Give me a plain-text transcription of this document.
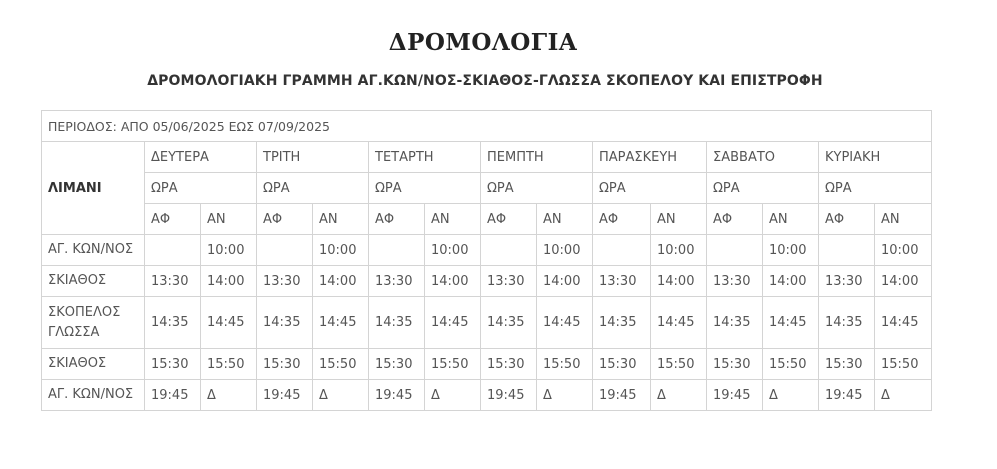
ΔΡΟΜΟΛΟΓΙΑ
ΔΡΟΜΟΛΟΓΙΑΚΗ ΓΡΑΜΜΗ ΑΓ.ΚΩΝ/ΝΟΣ-ΣΚΙΑΘΟΣ-ΓΛΩΣΣΑ ΣΚΟΠΕΛΟΥ ΚΑΙ ΕΠΙΣΤΡΟΦΗ
ΠΕΡΙΟΔΟΣ: ΑΠΟ 05/06/2025 ΕΩΣ 07/09/2025														
ΛΙΜΑΝΙ	ΔΕΥΤΕΡΑ		ΤΡΙΤΗ		ΤΕΤΑΡΤΗ		ΠΕΜΠΤΗ		ΠΑΡΑΣΚΕΥΗ		ΣΑΒΒΑΤΟ		ΚΥΡΙΑΚΗ	
	ΩΡΑ		ΩΡΑ		ΩΡΑ		ΩΡΑ		ΩΡΑ		ΩΡΑ		ΩΡΑ	
	ΑΦ	ΑΝ	ΑΦ	ΑΝ	ΑΦ	ΑΝ	ΑΦ	ΑΝ	ΑΦ	ΑΝ	ΑΦ	ΑΝ	ΑΦ	ΑΝ
ΑΓ. ΚΩΝ/ΝΟΣ		10:00		10:00		10:00		10:00		10:00		10:00		10:00
ΣΚΙΑΘΟΣ	13:30	14:00	13:30	14:00	13:30	14:00	13:30	14:00	13:30	14:00	13:30	14:00	13:30	14:00
ΣΚΟΠΕΛΟΣ ΓΛΩΣΣΑ	14:35	14:45	14:35	14:45	14:35	14:45	14:35	14:45	14:35	14:45	14:35	14:45	14:35	14:45
ΣΚΙΑΘΟΣ	15:30	15:50	15:30	15:50	15:30	15:50	15:30	15:50	15:30	15:50	15:30	15:50	15:30	15:50
ΑΓ. ΚΩΝ/ΝΟΣ	19:45	Δ	19:45	Δ	19:45	Δ	19:45	Δ	19:45	Δ	19:45	Δ	19:45	Δ
